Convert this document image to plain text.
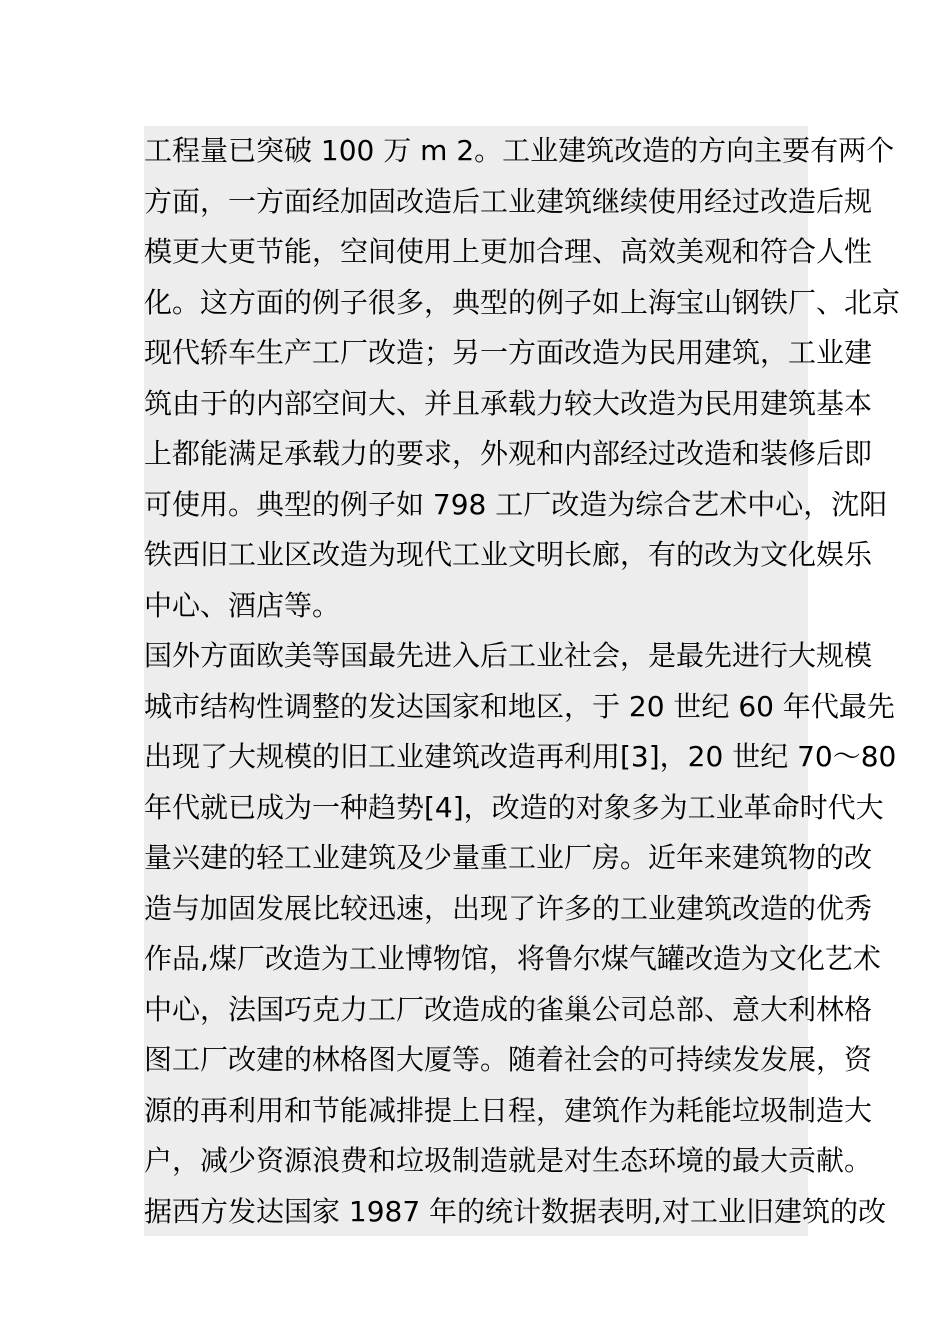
工程量已突破 100 万 m 2。工业建筑改造的方向主要有两个
方面，一方面经加固改造后工业建筑继续使用经过改造后规
模更大更节能，空间使用上更加合理、高效美观和符合人性
化。这方面的例子很多，典型的例子如上海宝山钢铁厂、北京
现代轿车生产工厂改造；另一方面改造为民用建筑，工业建
筑由于的内部空间大、并且承载力较大改造为民用建筑基本
上都能满足承载力的要求，外观和内部经过改造和装修后即
可使用。典型的例子如 798 工厂改造为综合艺术中心，沈阳
铁西旧工业区改造为现代工业文明长廊，有的改为文化娱乐
中心、酒店等。
国外方面欧美等国最先进入后工业社会，是最先进行大规模
城市结构性调整的发达国家和地区，于 20 世纪 60 年代最先
出现了大规模的旧工业建筑改造再利用[3]，20 世纪 70～80
年代就已成为一种趋势[4]，改造的对象多为工业革命时代大
量兴建的轻工业建筑及少量重工业厂房。近年来建筑物的改
造与加固发展比较迅速，出现了许多的工业建筑改造的优秀
作品,煤厂改造为工业博物馆，将鲁尔煤气罐改造为文化艺术
中心，法国巧克力工厂改造成的雀巢公司总部、意大利林格
图工厂改建的林格图大厦等。随着社会的可持续发发展，资
源的再利用和节能减排提上日程，建筑作为耗能垃圾制造大
户，减少资源浪费和垃圾制造就是对生态环境的最大贡献。
据西方发达国家 1987 年的统计数据表明,对工业旧建筑的改
